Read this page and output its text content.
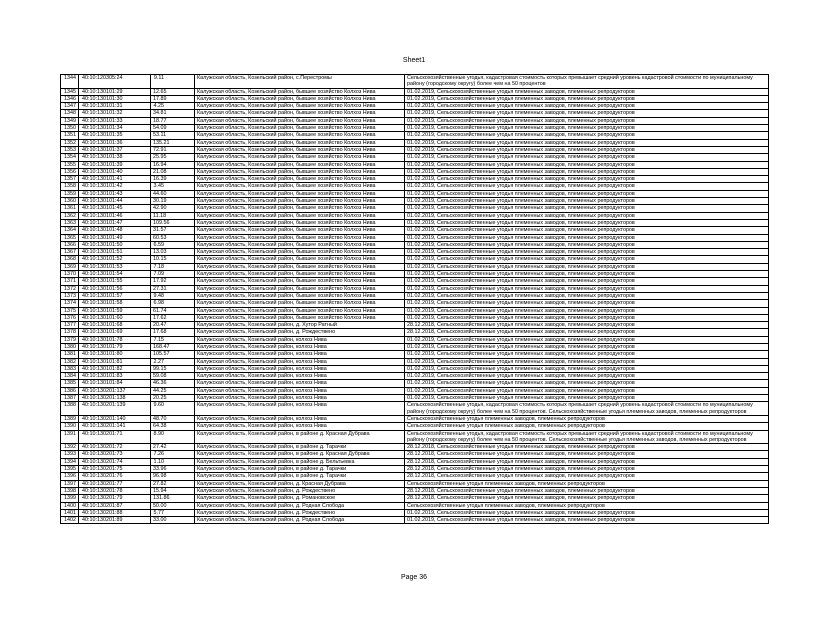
Sheet1
1344	40:10:120305:24	9.11	Калужская область, Козельский район, с.Перестромы	Сельскохозяйственные угодья, кадастровая стоимость которых превышает средний уровень кадастровой стоимости по муниципальному району (городскому округу) более чем на 50 процентов
1345	40:10:130101:29	12.65	Калужская область, Козельский район, бывшее хозяйство Колхоз Нива	01.02.2019, Сельскохозяйственные угодья племенных заводов, племенных репродукторов
1346	40:10:130101:30	17.89	Калужская область, Козельский район, бывшее хозяйство Колхоз Нива	01.02.2019, Сельскохозяйственные угодья племенных заводов, племенных репродукторов
1347	40:10:130101:31	4.25	Калужская область, Козельский район, бывшее хозяйство Колхоз Нива	01.02.2019, Сельскохозяйственные угодья племенных заводов, племенных репродукторов
1348	40:10:130101:32	34.81	Калужская область, Козельский район, бывшее хозяйство Колхоз Нива	01.02.2019, Сельскохозяйственные угодья племенных заводов, племенных репродукторов
1349	40:10:130101:33	18.77	Калужская область, Козельский район, бывшее хозяйство Колхоз Нива	01.02.2019, Сельскохозяйственные угодья племенных заводов, племенных репродукторов
1350	40:10:130101:34	54.09	Калужская область, Козельский район, бывшее хозяйство Колхоз Нива	01.02.2019, Сельскохозяйственные угодья племенных заводов, племенных репродукторов
1351	40:10:130101:35	53.11	Калужская область, Козельский район, бывшее хозяйство Колхоз Нива	01.02.2019, Сельскохозяйственные угодья племенных заводов, племенных репродукторов
1352	40:10:130101:36	135.21	Калужская область, Козельский район, бывшее хозяйство Колхоз Нива	01.02.2019, Сельскохозяйственные угодья племенных заводов, племенных репродукторов
1353	40:10:130101:37	72.91	Калужская область, Козельский район, бывшее хозяйство Колхоз Нива	01.02.2019, Сельскохозяйственные угодья племенных заводов, племенных репродукторов
1354	40:10:130101:38	25.95	Калужская область, Козельский район, бывшее хозяйство Колхоз Нива	01.02.2019, Сельскохозяйственные угодья племенных заводов, племенных репродукторов
1355	40:10:130101:39	16.94	Калужская область, Козельский район, бывшее хозяйство Колхоз Нива	01.02.2019, Сельскохозяйственные угодья племенных заводов, племенных репродукторов
1356	40:10:130101:40	21.08	Калужская область, Козельский район, бывшее хозяйство Колхоз Нива	01.02.2019, Сельскохозяйственные угодья племенных заводов, племенных репродукторов
1357	40:10:130101:41	16.39	Калужская область, Козельский район, бывшее хозяйство Колхоз Нива	01.02.2019, Сельскохозяйственные угодья племенных заводов, племенных репродукторов
1358	40:10:130101:42	3.45	Калужская область, Козельский район, бывшее хозяйство Колхоз Нива	01.02.2019, Сельскохозяйственные угодья племенных заводов, племенных репродукторов
1359	40:10:130101:43	44.60	Калужская область, Козельский район, бывшее хозяйство Колхоз Нива	01.02.2019, Сельскохозяйственные угодья племенных заводов, племенных репродукторов
1360	40:10:130101:44	30.19	Калужская область, Козельский район, бывшее хозяйство Колхоз Нива	01.02.2019, Сельскохозяйственные угодья племенных заводов, племенных репродукторов
1361	40:10:130101:45	42.90	Калужская область, Козельский район, бывшее хозяйство Колхоз Нива	01.02.2019, Сельскохозяйственные угодья племенных заводов, племенных репродукторов
1362	40:10:130101:46	11.18	Калужская область, Козельский район, бывшее хозяйство Колхоз Нива	01.02.2019, Сельскохозяйственные угодья племенных заводов, племенных репродукторов
1363	40:10:130101:47	109.56	Калужская область, Козельский район, бывшее хозяйство Колхоз Нива	01.02.2019, Сельскохозяйственные угодья племенных заводов, племенных репродукторов
1364	40:10:130101:48	31.57	Калужская область, Козельский район, бывшее хозяйство Колхоз Нива	01.02.2019, Сельскохозяйственные угодья племенных заводов, племенных репродукторов
1365	40:10:130101:49	60.53	Калужская область, Козельский район, бывшее хозяйство Колхоз Нива	01.02.2019, Сельскохозяйственные угодья племенных заводов, племенных репродукторов
1366	40:10:130101:50	6.59	Калужская область, Козельский район, бывшее хозяйство Колхоз Нива	01.02.2019, Сельскохозяйственные угодья племенных заводов, племенных репродукторов
1367	40:10:130101:51	13.03	Калужская область, Козельский район, бывшее хозяйство Колхоз Нива	01.02.2019, Сельскохозяйственные угодья племенных заводов, племенных репродукторов
1368	40:10:130101:52	10.15	Калужская область, Козельский район, бывшее хозяйство Колхоз Нива	01.02.2019, Сельскохозяйственные угодья племенных заводов, племенных репродукторов
1369	40:10:130101:53	7.18	Калужская область, Козельский район, бывшее хозяйство Колхоз Нива	01.02.2019, Сельскохозяйственные угодья племенных заводов, племенных репродукторов
1370	40:10:130101:54	7.09	Калужская область, Козельский район, бывшее хозяйство Колхоз Нива	01.02.2019, Сельскохозяйственные угодья племенных заводов, племенных репродукторов
1371	40:10:130101:55	17.92	Калужская область, Козельский район, бывшее хозяйство Колхоз Нива	01.02.2019, Сельскохозяйственные угодья племенных заводов, племенных репродукторов
1372	40:10:130101:56	27.31	Калужская область, Козельский район, бывшее хозяйство Колхоз Нива	01.02.2019, Сельскохозяйственные угодья племенных заводов, племенных репродукторов
1373	40:10:130101:57	9.48	Калужская область, Козельский район, бывшее хозяйство Колхоз Нива	01.02.2019, Сельскохозяйственные угодья племенных заводов, племенных репродукторов
1374	40:10:130101:58	6.98	Калужская область, Козельский район, бывшее хозяйство Колхоз Нива	01.02.2019, Сельскохозяйственные угодья племенных заводов, племенных репродукторов
1375	40:10:130101:59	61.74	Калужская область, Козельский район, бывшее хозяйство Колхоз Нива	01.02.2019, Сельскохозяйственные угодья племенных заводов, племенных репродукторов
1376	40:10:130101:60	17.62	Калужская область, Козельский район, бывшее хозяйство Колхоз Нива	01.02.2019, Сельскохозяйственные угодья племенных заводов, племенных репродукторов
1377	40:10:130101:68	20.47	Калужская область, Козельский район, д. Хутор Ратный	28.12.2018, Сельскохозяйственные угодья племенных заводов, племенных репродукторов
1378	40:10:130101:69	17.68	Калужская область, Козельский район, д. Рождествено	28.12.2018, Сельскохозяйственные угодья племенных заводов, племенных репродукторов
1379	40:10:130101:78	7.15	Калужская область, Козельский район, колхоз Нива	01.02.2019, Сельскохозяйственные угодья племенных заводов, племенных репродукторов
1380	40:10:130101:79	168.47	Калужская область, Козельский район, колхоз Нива	01.02.2019, Сельскохозяйственные угодья племенных заводов, племенных репродукторов
1381	40:10:130101:80	105.57	Калужская область, Козельский район, колхоз Нива	01.02.2019, Сельскохозяйственные угодья племенных заводов, племенных репродукторов
1382	40:10:130101:81	2.27	Калужская область, Козельский район, колхоз Нива	01.02.2019, Сельскохозяйственные угодья племенных заводов, племенных репродукторов
1383	40:10:130101:82	99.15	Калужская область, Козельский район, колхоз Нива	01.02.2019, Сельскохозяйственные угодья племенных заводов, племенных репродукторов
1384	40:10:130101:83	59.08	Калужская область, Козельский район, колхоз Нива	01.02.2019, Сельскохозяйственные угодья племенных заводов, племенных репродукторов
1385	40:10:130101:84	46.36	Калужская область, Козельский район, колхоз Нива	01.02.2019, Сельскохозяйственные угодья племенных заводов, племенных репродукторов
1386	40:10:130201:137	44.25	Калужская область, Козельский район, колхоз Нива	01.02.2019, Сельскохозяйственные угодья племенных заводов, племенных репродукторов
1387	40:10:130201:138	20.25	Калужская область, Козельский район, колхоз Нива	01.02.2019, Сельскохозяйственные угодья племенных заводов, племенных репродукторов
1388	40:10:130201:139	9.60	Калужская область, Козельский район, колхоз Нива	Сельскохозяйственные угодья, кадастровая стоимость которых превышает средний уровень кадастровой стоимости по муниципальному району (городскому округу) более чем на 50 процентов. Сельскохозяйственные угодья племенных заводов, племенных репродукторов
1389	40:10:130201:140	48.70	Калужская область, Козельский район, колхоз Нива	Сельскохозяйственные угодья племенных заводов, племенных репродукторов
1390	40:10:130201:141	64.38	Калужская область, Козельский район, колхоз Нива	Сельскохозяйственные угодья племенных заводов, племенных репродукторов
1391	40:10:130201:71	8.90	Калужская область, Козельский район, в районе д. Красная Дубрава	Сельскохозяйственные угодья, кадастровая стоимость которых превышает средний уровень кадастровой стоимости по муниципальному району (городскому округу) более чем на 50 процентов. Сельскохозяйственные угодья племенных заводов, племенных репродукторов
1392	40:10:130201:72	27.42	Калужская область, Козельский район, в районе д. Тарачки	28.12.2018, Сельскохозяйственные угодья племенных заводов, племенных репродукторов
1393	40:10:130201:73	7.26	Калужская область, Козельский район, в районе д. Красная Дубрава	28.12.2018, Сельскохозяйственные угодья племенных заводов, племенных репродукторов
1394	40:10:130201:74	1.10	Калужская область, Козельский район, в районе д. Бельтьевка	28.12.2018, Сельскохозяйственные угодья племенных заводов, племенных репродукторов
1395	40:10:130201:75	33.96	Калужская область, Козельский район, в районе д. Тарачки	28.12.2018, Сельскохозяйственные угодья племенных заводов, племенных репродукторов
1396	40:10:130201:76	96.98	Калужская область, Козельский район, в районе д. Тарачки	28.12.2018, Сельскохозяйственные угодья племенных заводов, племенных репродукторов
1397	40:10:130201:77	27.82	Калужская область, Козельский район, д. Красная Дубрава	Сельскохозяйственные угодья племенных заводов, племенных репродукторов
1398	40:10:130201:78	15.94	Калужская область, Козельский район, д. Рождествено	28.12.2018, Сельскохозяйственные угодья племенных заводов, племенных репродукторов
1399	40:10:130201:79	131.86	Калужская область, Козельский район, д. Романовское	28.12.2018, Сельскохозяйственные угодья племенных заводов, племенных репродукторов
1400	40:10:130201:87	50.00	Калужская область, Козельский район, д. Родная Слобода	Сельскохозяйственные угодья племенных заводов, племенных репродукторов
1401	40:10:130201:88	5.77	Калужская область, Козельский район, д. Рождествено	01.02.2019, Сельскохозяйственные угодья племенных заводов, племенных репродукторов
1402	40:10:130201:89	33.00	Калужская область, Козельский район, д. Родная Слобода	01.02.2019, Сельскохозяйственные угодья племенных заводов, племенных репродукторов
Page 36
